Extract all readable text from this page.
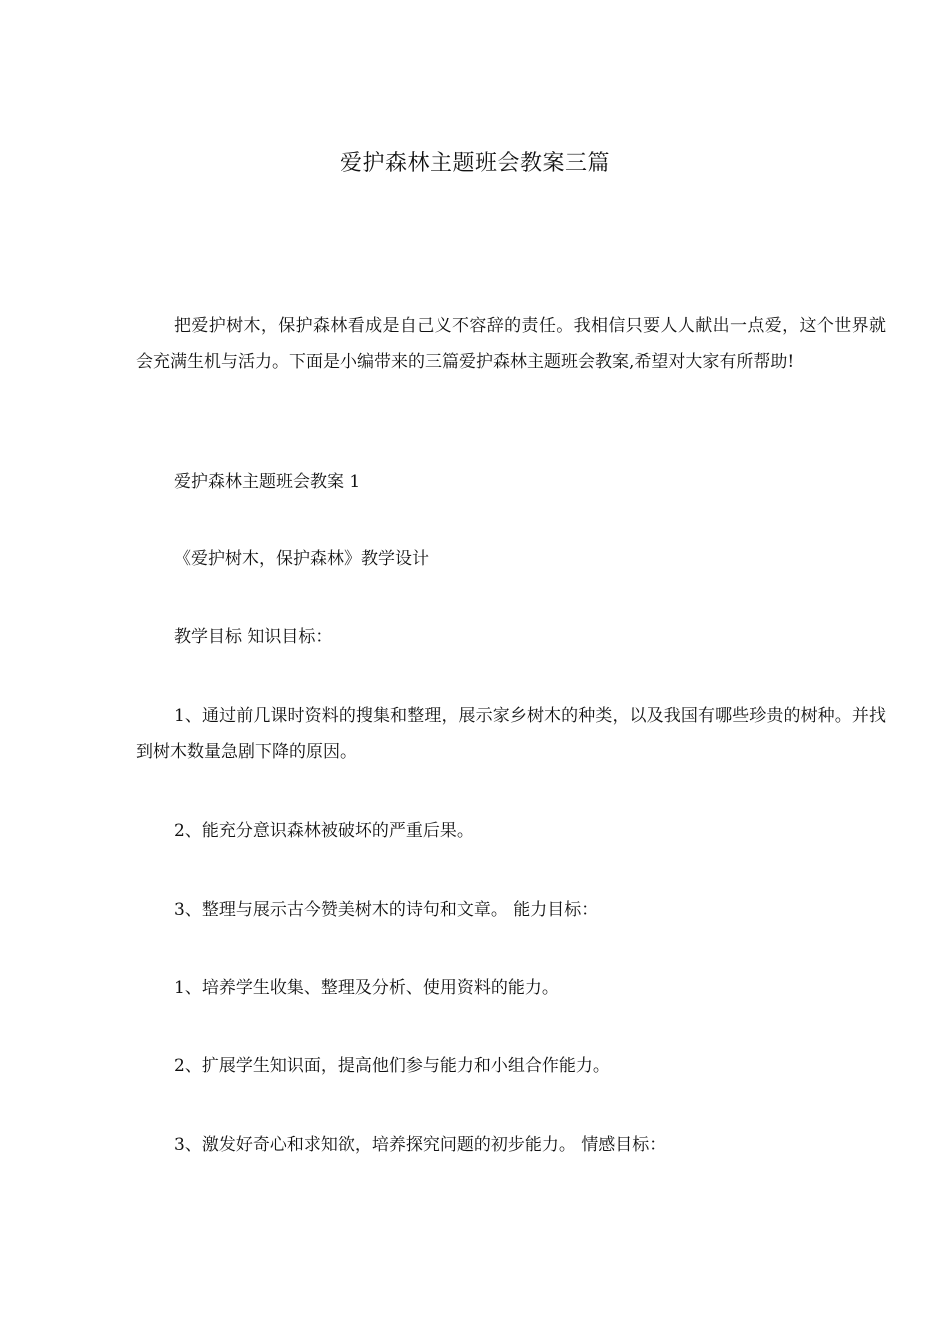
爱护森林主题班会教案三篇

把爱护树木，保护森林看成是自己义不容辞的责任。我相信只要人人献出一点爱，这个世界就会充满生机与活力。下面是小编带来的三篇爱护森林主题班会教案,希望对大家有所帮助!

爱护森林主题班会教案 1

《爱护树木，保护森林》教学设计

教学目标 知识目标：

1、通过前几课时资料的搜集和整理，展示家乡树木的种类，以及我国有哪些珍贵的树种。并找到树木数量急剧下降的原因。

2、能充分意识森林被破坏的严重后果。

3、整理与展示古今赞美树木的诗句和文章。 能力目标：

1、培养学生收集、整理及分析、使用资料的能力。

2、扩展学生知识面，提高他们参与能力和小组合作能力。

3、激发好奇心和求知欲，培养探究问题的初步能力。 情感目标：
